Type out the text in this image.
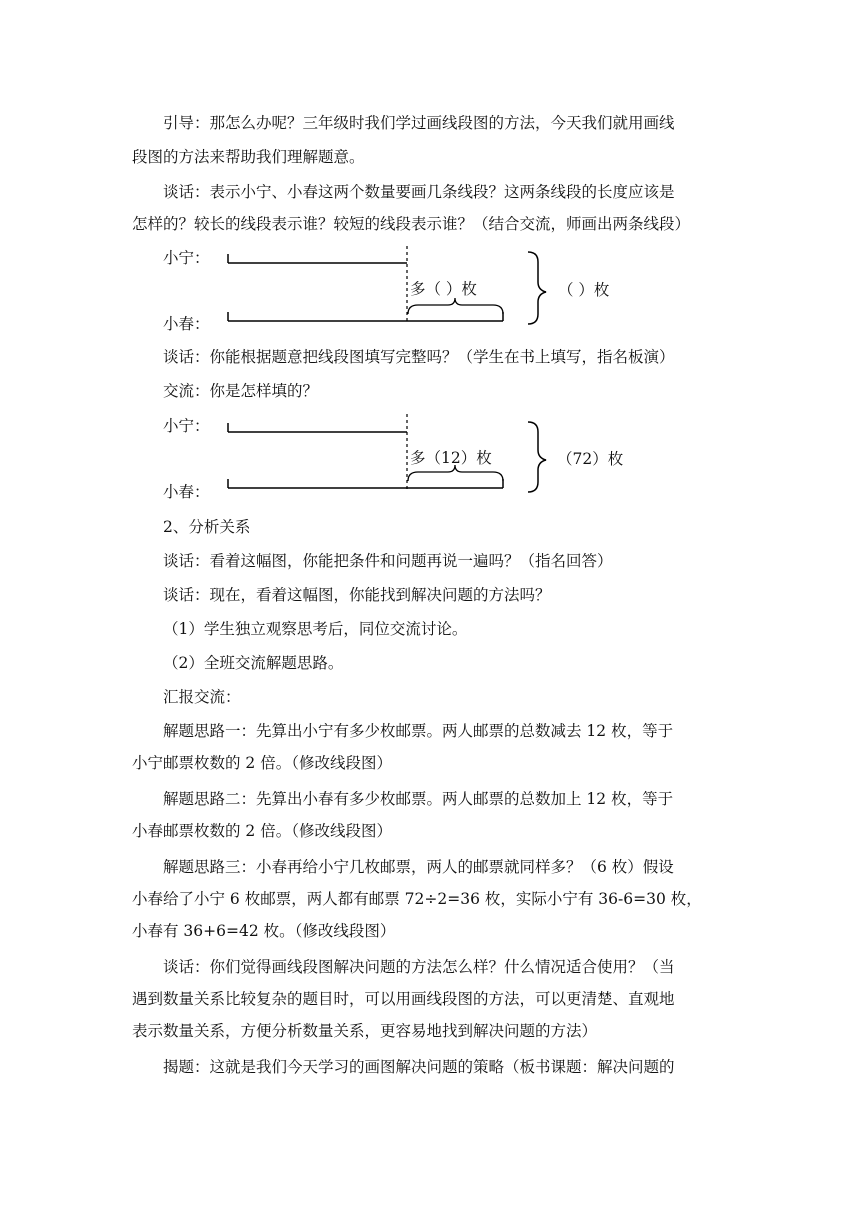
引导：那怎么办呢？三年级时我们学过画线段图的方法，今天我们就用画线
段图的方法来帮助我们理解题意。
谈话：表示小宁、小春这两个数量要画几条线段？这两条线段的长度应该是
怎样的？较长的线段表示谁？较短的线段表示谁？（结合交流，师画出两条线段）
小宁：
小春：
多（ ）枚	（ ）枚
谈话：你能根据题意把线段图填写完整吗？（学生在书上填写，指名板演）
交流：你是怎样填的？
小宁：
小春：
多（12）枚	（72）枚
2、分析关系
谈话：看着这幅图，你能把条件和问题再说一遍吗？（指名回答）
谈话：现在，看着这幅图，你能找到解决问题的方法吗？
（1）学生独立观察思考后，同位交流讨论。
（2）全班交流解题思路。
汇报交流：
解题思路一：先算出小宁有多少枚邮票。两人邮票的总数减去 12 枚，等于
小宁邮票枚数的 2 倍。（修改线段图）
解题思路二：先算出小春有多少枚邮票。两人邮票的总数加上 12 枚，等于
小春邮票枚数的 2 倍。（修改线段图）
解题思路三：小春再给小宁几枚邮票，两人的邮票就同样多？（6 枚）假设
小春给了小宁 6 枚邮票，两人都有邮票 72÷2=36 枚，实际小宁有 36-6=30 枚，
小春有 36+6=42 枚。（修改线段图）
谈话：你们觉得画线段图解决问题的方法怎么样？什么情况适合使用？（当
遇到数量关系比较复杂的题目时，可以用画线段图的方法，可以更清楚、直观地
表示数量关系，方便分析数量关系，更容易地找到解决问题的方法）
揭题：这就是我们今天学习的画图解决问题的策略（板书课题：解决问题的
